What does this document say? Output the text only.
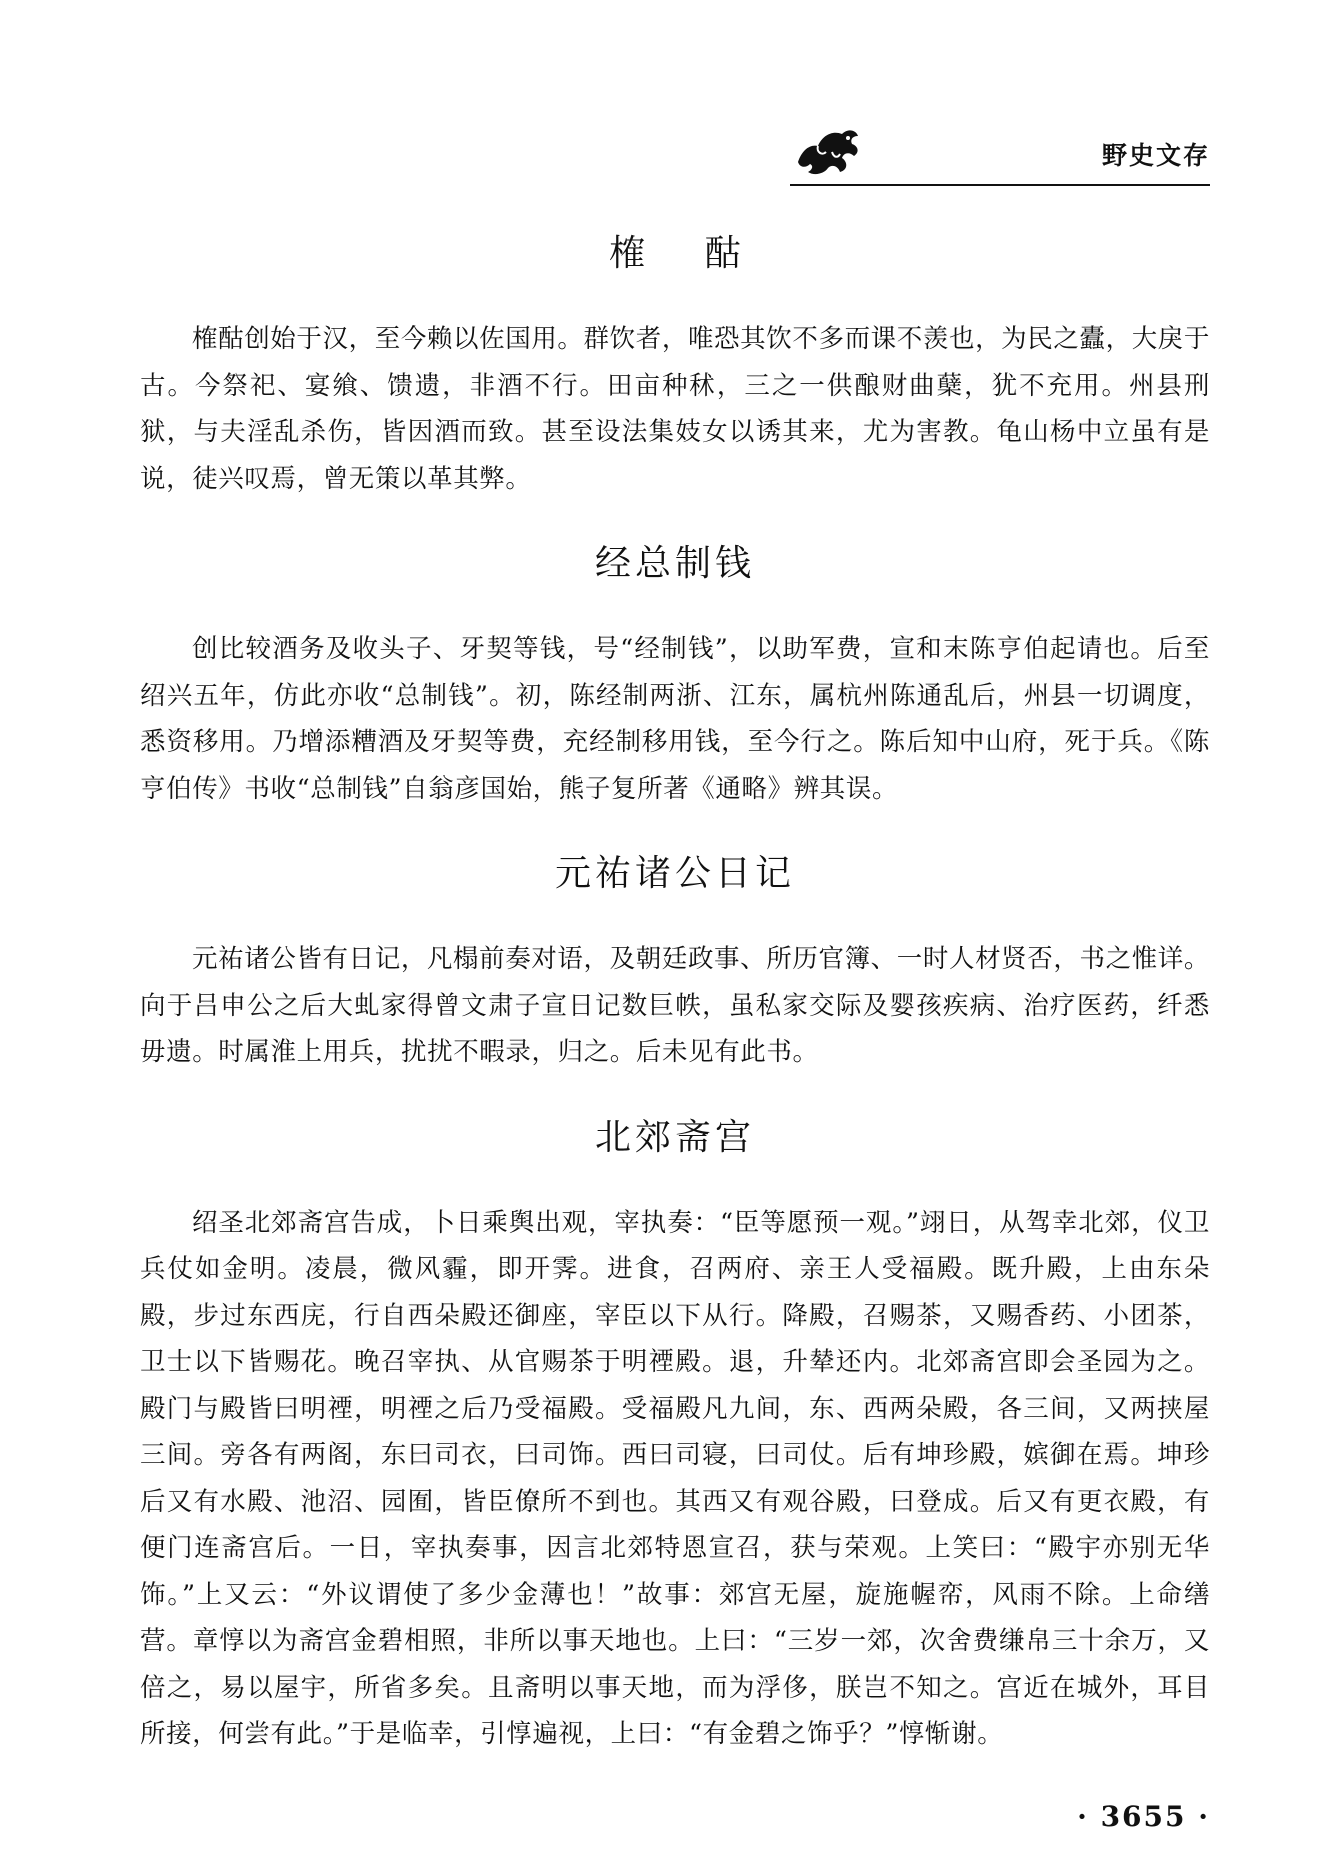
野史文存
榷 酤

榷酤创始于汉，至今赖以佐国用。群饮者，唯恐其饮不多而课不羡也，为民之蠹，大戾于古。今祭祀、宴飨、馈遗，非酒不行。田亩种秫，三之一供酿财曲蘖，犹不充用。州县刑狱，与夫淫乱杀伤，皆因酒而致。甚至设法集妓女以诱其来，尤为害教。龟山杨中立虽有是说，徒兴叹焉，曾无策以革其弊。

经总制钱

创比较酒务及收头子、牙契等钱，号“经制钱”，以助军费，宣和末陈亨伯起请也。后至绍兴五年，仿此亦收“总制钱”。初，陈经制两浙、江东，属杭州陈通乱后，州县一切调度，悉资移用。乃增添糟酒及牙契等费，充经制移用钱，至今行之。陈后知中山府，死于兵。《陈亨伯传》书收“总制钱”自翁彦国始，熊子复所著《通略》辨其误。

元祐诸公日记

元祐诸公皆有日记，凡榻前奏对语，及朝廷政事、所历官簿、一时人材贤否，书之惟详。向于吕申公之后大虬家得曾文肃子宣日记数巨帙，虽私家交际及婴孩疾病、治疗医药，纤悉毋遗。时属淮上用兵，扰扰不暇录，归之。后未见有此书。

北郊斋宫

绍圣北郊斋宫告成，卜日乘舆出观，宰执奏：“臣等愿预一观。”翊日，从驾幸北郊，仪卫兵仗如金明。凌晨，微风霾，即开霁。进食，召两府、亲王人受福殿。既升殿，上由东朵殿，步过东西庑，行自西朵殿还御座，宰臣以下从行。降殿，召赐茶，又赐香药、小团茶，卫士以下皆赐花。晚召宰执、从官赐茶于明禋殿。退，升辇还内。北郊斋宫即会圣园为之。殿门与殿皆曰明禋，明禋之后乃受福殿。受福殿凡九间，东、西两朵殿，各三间，又两挟屋三间。旁各有两阁，东曰司衣，曰司饰。西曰司寝，曰司仗。后有坤珍殿，嫔御在焉。坤珍后又有水殿、池沼、园囿，皆臣僚所不到也。其西又有观谷殿，曰登成。后又有更衣殿，有便门连斋宫后。一日，宰执奏事，因言北郊特恩宣召，获与荣观。上笑曰：“殿宇亦别无华饰。”上又云：“外议谓使了多少金薄也！”故事：郊宫无屋，旋施幄帟，风雨不除。上命缮营。章惇以为斋宫金碧相照，非所以事天地也。上曰：“三岁一郊，次舍费缣帛三十余万，又倍之，易以屋宇，所省多矣。且斋明以事天地，而为浮侈，朕岂不知之。宫近在城外，耳目所接，何尝有此。”于是临幸，引惇遍视，上曰：“有金碧之饰乎？”惇惭谢。

· 3655 ·
